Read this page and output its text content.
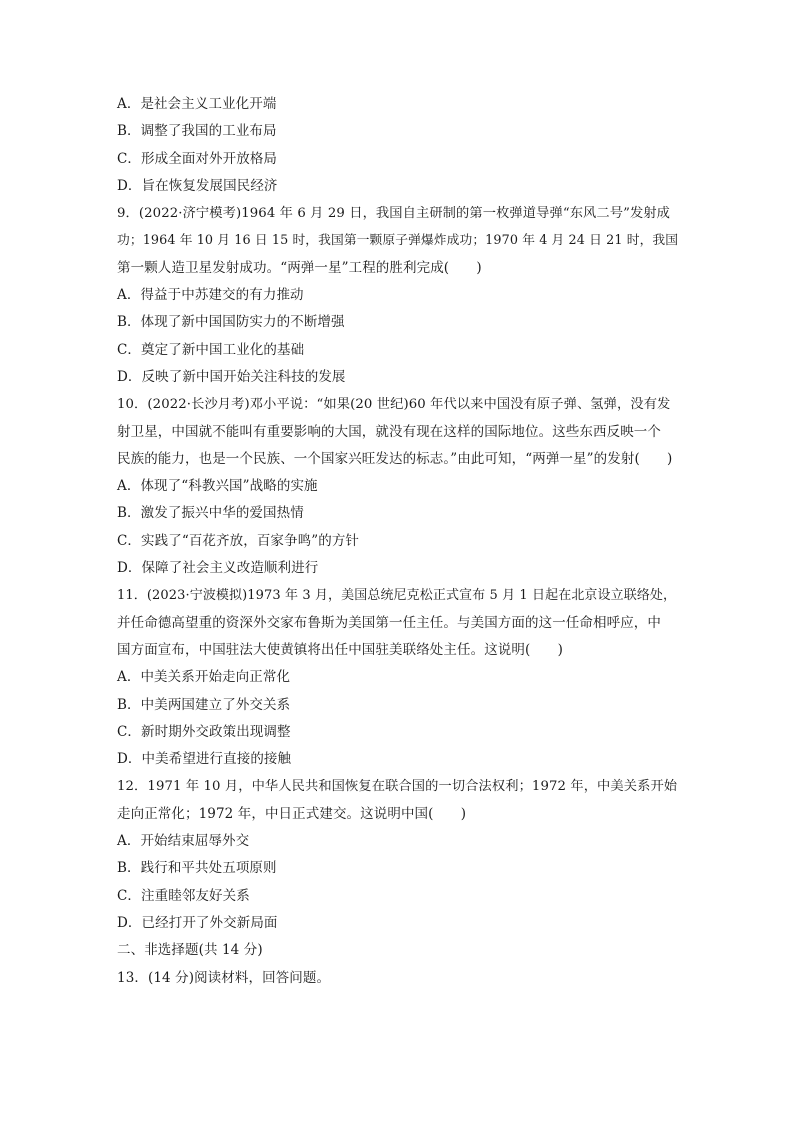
A．是社会主义工业化开端
B．调整了我国的工业布局
C．形成全面对外开放格局
D．旨在恢复发展国民经济
9．(2022·济宁模考)1964 年 6 月 29 日，我国自主研制的第一枚弹道导弹“东风二号”发射成
功；1964 年 10 月 16 日 15 时，我国第一颗原子弹爆炸成功；1970 年 4 月 24 日 21 时，我国
第一颗人造卫星发射成功。“两弹一星”工程的胜利完成(　　)
A．得益于中苏建交的有力推动
B．体现了新中国国防实力的不断增强
C．奠定了新中国工业化的基础
D．反映了新中国开始关注科技的发展
10．(2022·长沙月考)邓小平说：“如果(20 世纪)60 年代以来中国没有原子弹、氢弹，没有发
射卫星，中国就不能叫有重要影响的大国，就没有现在这样的国际地位。这些东西反映一个
民族的能力，也是一个民族、一个国家兴旺发达的标志。”由此可知，“两弹一星”的发射(　　)
A．体现了“科教兴国”战略的实施
B．激发了振兴中华的爱国热情
C．实践了“百花齐放，百家争鸣”的方针
D．保障了社会主义改造顺利进行
11．(2023·宁波模拟)1973 年 3 月，美国总统尼克松正式宣布 5 月 1 日起在北京设立联络处，
并任命德高望重的资深外交家布鲁斯为美国第一任主任。与美国方面的这一任命相呼应，中
国方面宣布，中国驻法大使黄镇将出任中国驻美联络处主任。这说明(　　)
A．中美关系开始走向正常化
B．中美两国建立了外交关系
C．新时期外交政策出现调整
D．中美希望进行直接的接触
12．1971 年 10 月，中华人民共和国恢复在联合国的一切合法权利；1972 年，中美关系开始
走向正常化；1972 年，中日正式建交。这说明中国(　　)
A．开始结束屈辱外交
B．践行和平共处五项原则
C．注重睦邻友好关系
D．已经打开了外交新局面
二、非选择题(共 14 分)
13．(14 分)阅读材料，回答问题。
